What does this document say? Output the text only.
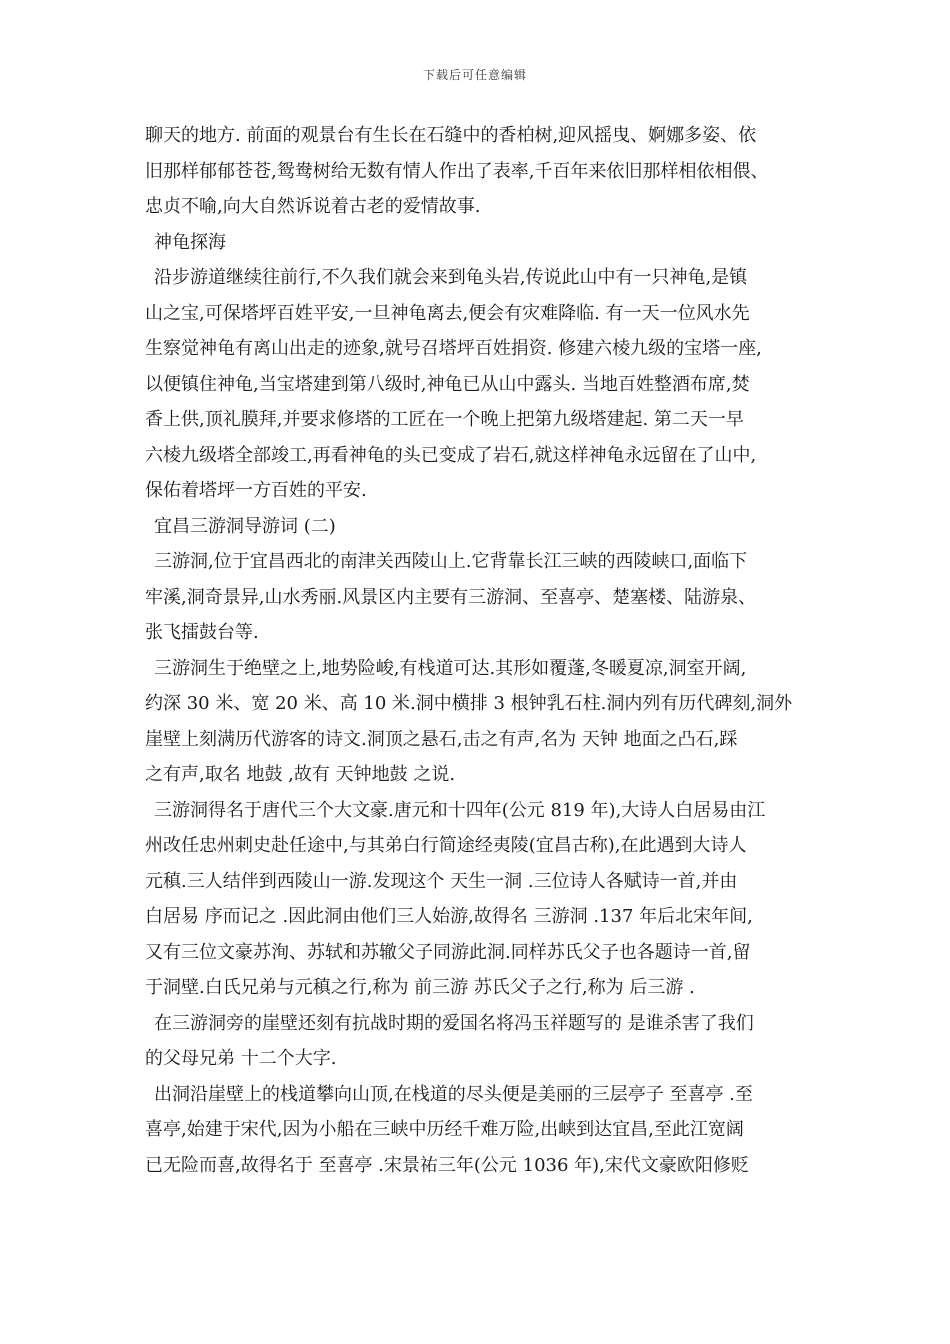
下载后可任意编辑
聊天的地方. 前面的观景台有生长在石缝中的香柏树,迎风摇曳、婀娜多姿、依
旧那样郁郁苍苍,鸳鸯树给无数有情人作出了表率,千百年来依旧那样相依相偎、
忠贞不喻,向大自然诉说着古老的爱情故事.
神龟探海
沿步游道继续往前行,不久我们就会来到龟头岩,传说此山中有一只神龟,是镇
山之宝,可保塔坪百姓平安,一旦神龟离去,便会有灾难降临. 有一天一位风水先
生察觉神龟有离山出走的迹象,就号召塔坪百姓捐资. 修建六棱九级的宝塔一座,
以便镇住神龟,当宝塔建到第八级时,神龟已从山中露头. 当地百姓整酒布席,焚
香上供,顶礼膜拜,并要求修塔的工匠在一个晚上把第九级塔建起. 第二天一早
六棱九级塔全部竣工,再看神龟的头已变成了岩石,就这样神龟永远留在了山中,
保佑着塔坪一方百姓的平安.
宜昌三游洞导游词 (二)
三游洞,位于宜昌西北的南津关西陵山上.它背靠长江三峡的西陵峡口,面临下
牢溪,洞奇景异,山水秀丽.风景区内主要有三游洞、至喜亭、楚塞楼、陆游泉、
张飞擂鼓台等.
三游洞生于绝壁之上,地势险峻,有栈道可达.其形如覆蓬,冬暖夏凉,洞室开阔,
约深 30 米、宽 20 米、高 10 米.洞中横排 3 根钟乳石柱.洞内列有历代碑刻,洞外
崖壁上刻满历代游客的诗文.洞顶之悬石,击之有声,名为 天钟 地面之凸石,踩
之有声,取名 地鼓 ,故有 天钟地鼓 之说.
三游洞得名于唐代三个大文豪.唐元和十四年(公元 819 年),大诗人白居易由江
州改任忠州刺史赴任途中,与其弟白行简途经夷陵(宜昌古称),在此遇到大诗人
元稹.三人结伴到西陵山一游.发现这个 天生一洞 .三位诗人各赋诗一首,并由
白居易 序而记之 .因此洞由他们三人始游,故得名 三游洞 .137 年后北宋年间,
又有三位文豪苏洵、苏轼和苏辙父子同游此洞.同样苏氏父子也各题诗一首,留
于洞壁.白氏兄弟与元稹之行,称为 前三游 苏氏父子之行,称为 后三游 .
在三游洞旁的崖壁还刻有抗战时期的爱国名将冯玉祥题写的 是谁杀害了我们
的父母兄弟 十二个大字.
出洞沿崖壁上的栈道攀向山顶,在栈道的尽头便是美丽的三层亭子 至喜亭 .至
喜亭,始建于宋代,因为小船在三峡中历经千难万险,出峡到达宜昌,至此江宽阔
已无险而喜,故得名于 至喜亭 .宋景祐三年(公元 1036 年),宋代文豪欧阳修贬
